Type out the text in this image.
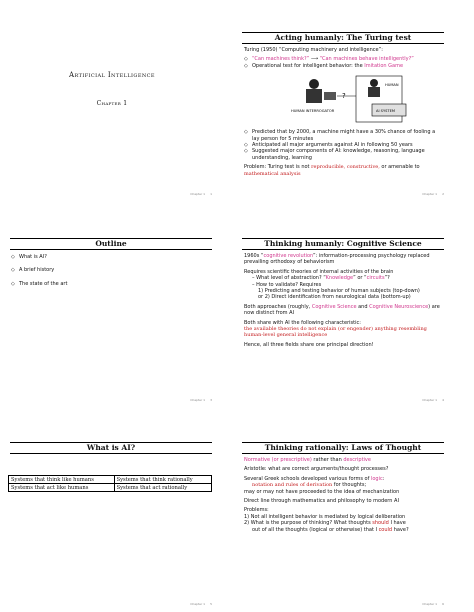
Artificial Intelligence
Chapter 1
Chapter 1 1
Acting humanly: The Turing test

Turing (1950) “Computing machinery and intelligence”:

◇ “Can machines think?” ⟶ “Can machines behave intelligently?”
◇ Operational test for intelligent behavior: the Imitation Game
HUMAN INTERROGATOR
HUMAN
AI SYSTEM
?
◇ Predicted that by 2000, a machine might have a 30% chance of fooling a lay person for 5 minutes
◇ Anticipated all major arguments against AI in following 50 years
◇ Suggested major components of AI: knowledge, reasoning, language understanding, learning

Problem: Turing test is not reproducible, constructive, or amenable to mathematical analysis

Chapter 1 2
Outline
◇ What is AI?
◇ A brief history
◇ The state of the art
Chapter 1 3
Thinking humanly: Cognitive Science

1960s “cognitive revolution”: information-processing psychology replaced prevailing orthodoxy of behaviorism

Requires scientific theories of internal activities of the brain

– What level of abstraction? “Knowledge” or “circuits”?
– How to validate? Requires
1) Predicting and testing behavior of human subjects (top-down)
or 2) Direct identification from neurological data (bottom-up)

Both approaches (roughly, Cognitive Science and Cognitive Neuroscience) are now distinct from AI

Both share with AI the following characteristic:

the available theories do not explain (or engender) anything resembling human-level general intelligence

Hence, all three fields share one principal direction!

Chapter 1 4
What is AI?
Systems that think like humans	Systems that think rationally
Systems that act like humans	Systems that act rationally
Chapter 1 5
Thinking rationally: Laws of Thought

Normative (or prescriptive) rather than descriptive

Aristotle: what are correct arguments/thought processes?

Several Greek schools developed various forms of logic:

notation and rules of derivation for thoughts;

may or may not have proceeded to the idea of mechanization

Direct line through mathematics and philosophy to modern AI

Problems:

1) Not all intelligent behavior is mediated by logical deliberation
2) What is the purpose of thinking? What thoughts should I have
out of all the thoughts (logical or otherwise) that I could have?
Chapter 1 6
